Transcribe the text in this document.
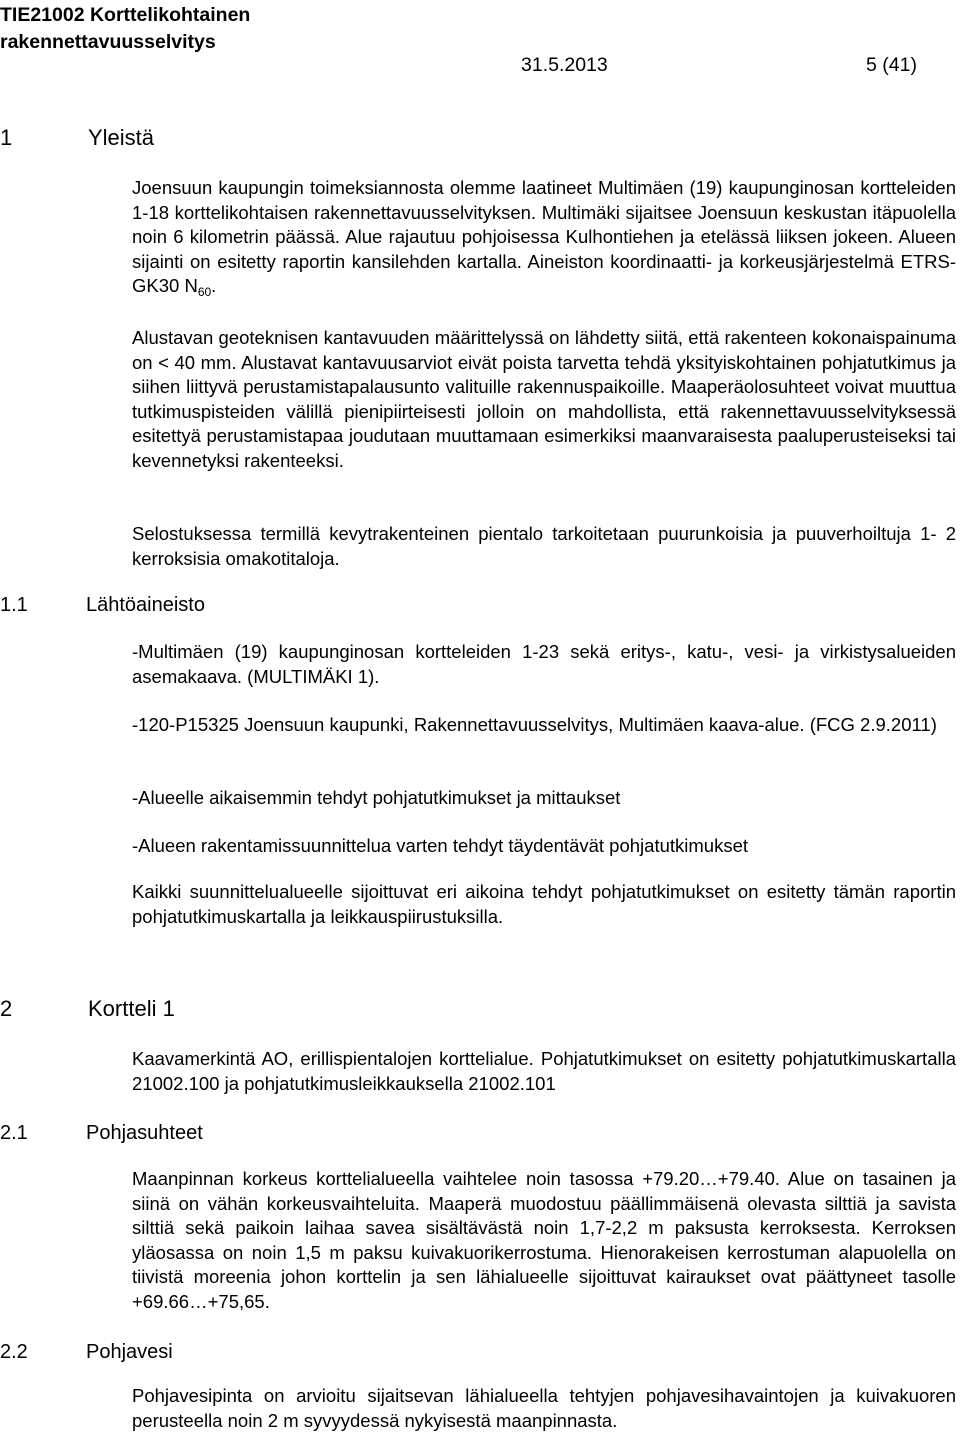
TIE21002 Korttelikohtainen
rakennettavuusselvitys
31.5.2013	5 (41)
1	Yleistä

Joensuun kaupungin toimeksiannosta olemme laatineet Multimäen (19) kaupunginosan kortteleiden 1-18 korttelikohtaisen rakennettavuusselvityksen. Multimäki sijaitsee Joensuun keskustan itäpuolella noin 6 kilometrin päässä. Alue rajautuu pohjoisessa Kulhontiehen ja etelässä liiksen jokeen. Alueen sijainti on esitetty raportin kansilehden kartalla. Aineiston koordinaatti- ja korkeusjärjestelmä ETRS-GK30 $N_{60}$.

Alustavan geoteknisen kantavuuden määrittelyssä on lähdetty siitä, että rakenteen kokonaispainuma on < 40 mm. Alustavat kantavuusarviot eivät poista tarvetta tehdä yksityiskohtainen pohjatutkimus ja siihen liittyvä perustamistapalausunto valituille rakennuspaikoille. Maaperäolosuhteet voivat muuttua tutkimuspisteiden välillä pienipiirteisesti jolloin on mahdollista, että rakennettavuusselvityksessä esitettyä perustamistapaa joudutaan muuttamaan esimerkiksi maanvaraisesta paaluperusteiseksi tai kevennetyksi rakenteeksi.

Selostuksessa termillä kevytrakenteinen pientalo tarkoitetaan puurunkoisia ja puuverhoiltuja 1- 2 kerroksisia omakotitaloja.

1.1	Lähtöaineisto

-Multimäen (19) kaupunginosan kortteleiden 1-23 sekä eritys-, katu-, vesi- ja virkistysalueiden asemakaava. (MULTIMÄKI 1).

-120-P15325 Joensuun kaupunki, Rakennettavuusselvitys, Multimäen kaava-alue. (FCG 2.9.2011)

-Alueelle aikaisemmin tehdyt pohjatutkimukset ja mittaukset

-Alueen rakentamissuunnittelua varten tehdyt täydentävät pohjatutkimukset

Kaikki suunnittelualueelle sijoittuvat eri aikoina tehdyt pohjatutkimukset on esitetty tämän raportin pohjatutkimuskartalla ja leikkauspiirustuksilla.

2	Kortteli 1

Kaavamerkintä AO, erillispientalojen korttelialue. Pohjatutkimukset on esitetty pohjatutkimuskartalla 21002.100 ja pohjatutkimusleikkauksella 21002.101

2.1	Pohjasuhteet

Maanpinnan korkeus korttelialueella vaihtelee noin tasossa +79.20…+79.40. Alue on tasainen ja siinä on vähän korkeusvaihteluita. Maaperä muodostuu päällimmäisenä olevasta silttiä ja savista silttiä sekä paikoin laihaa savea sisältävästä noin 1,7-2,2 m paksusta kerroksesta. Kerroksen yläosassa on noin 1,5 m paksu kuivakuorikerrostuma. Hienorakeisen kerrostuman alapuolella on tiivistä moreenia johon korttelin ja sen lähialueelle sijoittuvat kairaukset ovat päättyneet tasolle +69.66…+75,65.

2.2	Pohjavesi

Pohjavesipinta on arvioitu sijaitsevan lähialueella tehtyjen pohjavesihavaintojen ja kuivakuoren perusteella noin 2 m syvyydessä nykyisestä maanpinnasta.
